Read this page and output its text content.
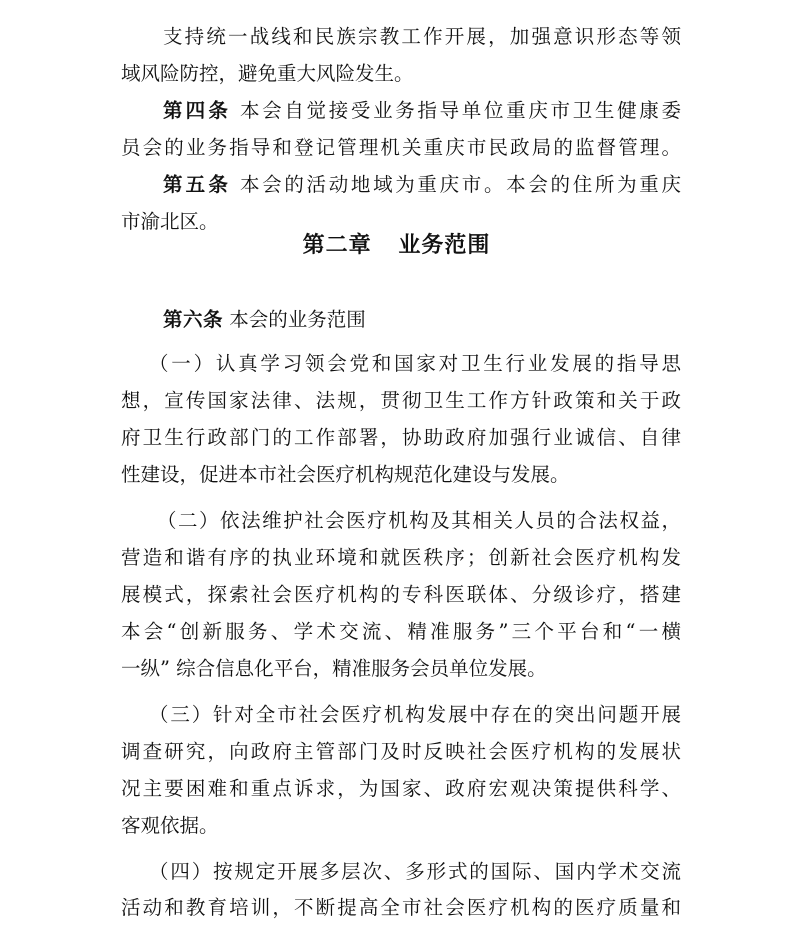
支持统一战线和民族宗教工作开展，加强意识形态等领
域风险防控，避免重大风险发生。
第四条 本会自觉接受业务指导单位重庆市卫生健康委
员会的业务指导和登记管理机关重庆市民政局的监督管理。
第五条 本会的活动地域为重庆市。本会的住所为重庆
市渝北区。
第二章 业务范围
第六条 本会的业务范围
（一）认真学习领会党和国家对卫生行业发展的指导思
想，宣传国家法律、法规，贯彻卫生工作方针政策和关于政
府卫生行政部门的工作部署，协助政府加强行业诚信、自律
性建设，促进本市社会医疗机构规范化建设与发展。
（二）依法维护社会医疗机构及其相关人员的合法权益，
营造和谐有序的执业环境和就医秩序；创新社会医疗机构发
展模式，探索社会医疗机构的专科医联体、分级诊疗，搭建
本会“创新服务、学术交流、精准服务”三个平台和“一横
一纵” 综合信息化平台，精准服务会员单位发展。
（三）针对全市社会医疗机构发展中存在的突出问题开展
调查研究，向政府主管部门及时反映社会医疗机构的发展状
况主要困难和重点诉求，为国家、政府宏观决策提供科学、
客观依据。
（四）按规定开展多层次、多形式的国际、国内学术交流
活动和教育培训，不断提高全市社会医疗机构的医疗质量和
